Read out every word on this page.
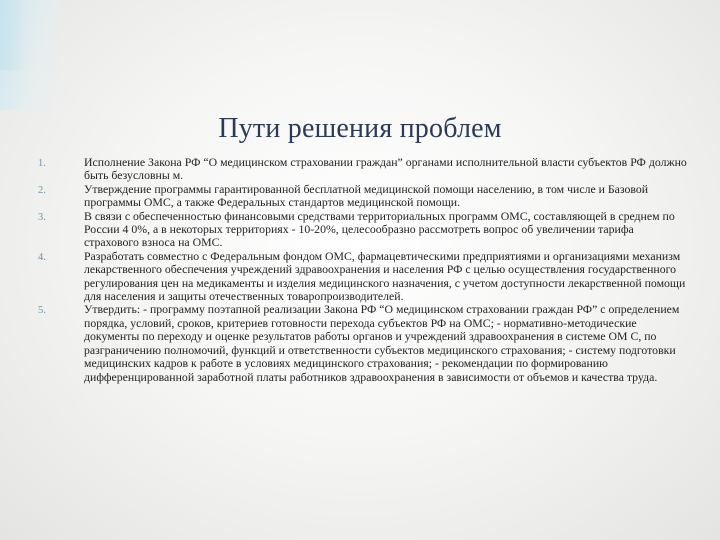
Пути решения проблем
1.	Исполнение Закона РФ “О медицинском страховании граждан” органами исполнительной власти субъектов РФ должно быть безусловны м.
2.	Утверждение программы гарантированной бесплатной медицинской помощи населению, в том числе и Базовой программы ОМС, а также Федеральных стандартов медицинской помощи.
3.	В связи с обеспеченностью финансовыми средствами территориальных программ ОМС, составляющей в среднем по России 4 0%, а в некоторых территориях - 10-20%, целесообразно рассмотреть вопрос об увеличении тарифа страхового взноса на ОМС.
4.	Разработать совместно с Федеральным фондом ОМС, фармацевтическими предприятиями и организациями механизм лекарственного обеспечения учреждений здравоохранения и населения РФ с целью осуществления государственного регулирования цен на медикаменты и изделия медицинского назначения, с учетом доступности лекарственной помощи для населения и защиты отечественных товаропроизводителей.
5.	Утвердить: - программу поэтапной реализации Закона РФ “О медицинском страховании граждан РФ” с определением порядка, условий, сроков, критериев готовности перехода субъектов РФ на ОМС; - нормативно-методические документы по переходу и оценке результатов работы органов и учреждений здравоохранения в системе ОМ С, по разграничению полномочий, функций и ответственности субъектов медицинского страхования; - систему подготовки медицинских кадров к работе в условиях медицинского страхования; - рекомендации по формированию дифференцированной заработной платы работников здравоохранения в зависимости от объемов и качества труда.
